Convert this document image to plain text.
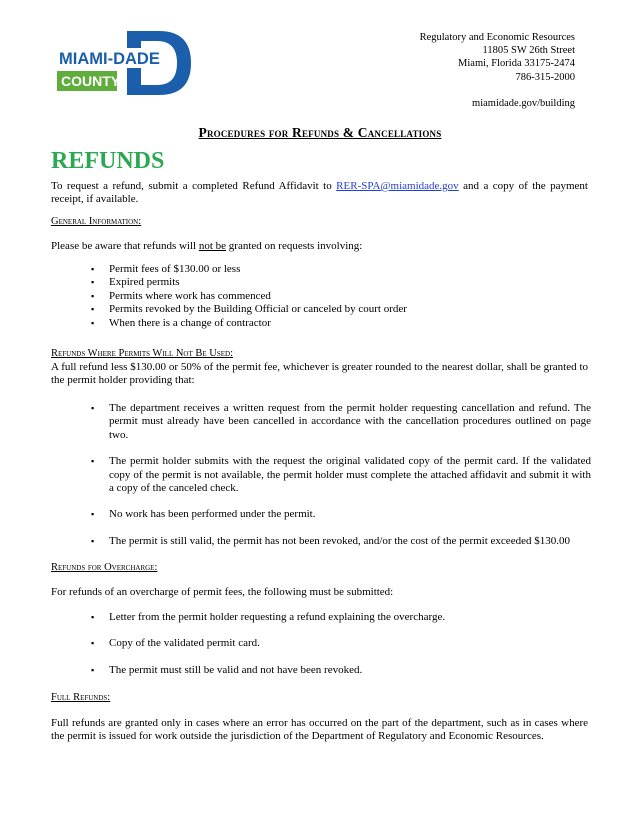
MIAMI-DADE
COUNTY
Regulatory and Economic Resources
11805 SW 26th Street
Miami, Florida 33175-2474
786-315-2000
miamidade.gov/building
Procedures for Refunds & Cancellations
REFUNDS
To request a refund, submit a completed Refund Affidavit to RER-SPA@miamidade.gov and a copy of the payment receipt, if available.
General Information:
Please be aware that refunds will not be granted on requests involving:
▪ Permit fees of $130.00 or less
▪ Expired permits
▪ Permits where work has commenced
▪ Permits revoked by the Building Official or canceled by court order
▪ When there is a change of contractor
Refunds Where Permits Will Not Be Used:
A full refund less $130.00 or 50% of the permit fee, whichever is greater rounded to the nearest dollar, shall be granted to the permit holder providing that:
▪ The department receives a written request from the permit holder requesting cancellation and refund. The permit must already have been cancelled in accordance with the cancellation procedures outlined on page two.
▪ The permit holder submits with the request the original validated copy of the permit card. If the validated copy of the permit is not available, the permit holder must complete the attached affidavit and submit it with a copy of the canceled check.
▪ No work has been performed under the permit.
▪ The permit is still valid, the permit has not been revoked, and/or the cost of the permit exceeded $130.00
Refunds for Overcharge:
For refunds of an overcharge of permit fees, the following must be submitted:
▪ Letter from the permit holder requesting a refund explaining the overcharge.
▪ Copy of the validated permit card.
▪ The permit must still be valid and not have been revoked.
Full Refunds:
Full refunds are granted only in cases where an error has occurred on the part of the department, such as in cases where the permit is issued for work outside the jurisdiction of the Department of Regulatory and Economic Resources.
